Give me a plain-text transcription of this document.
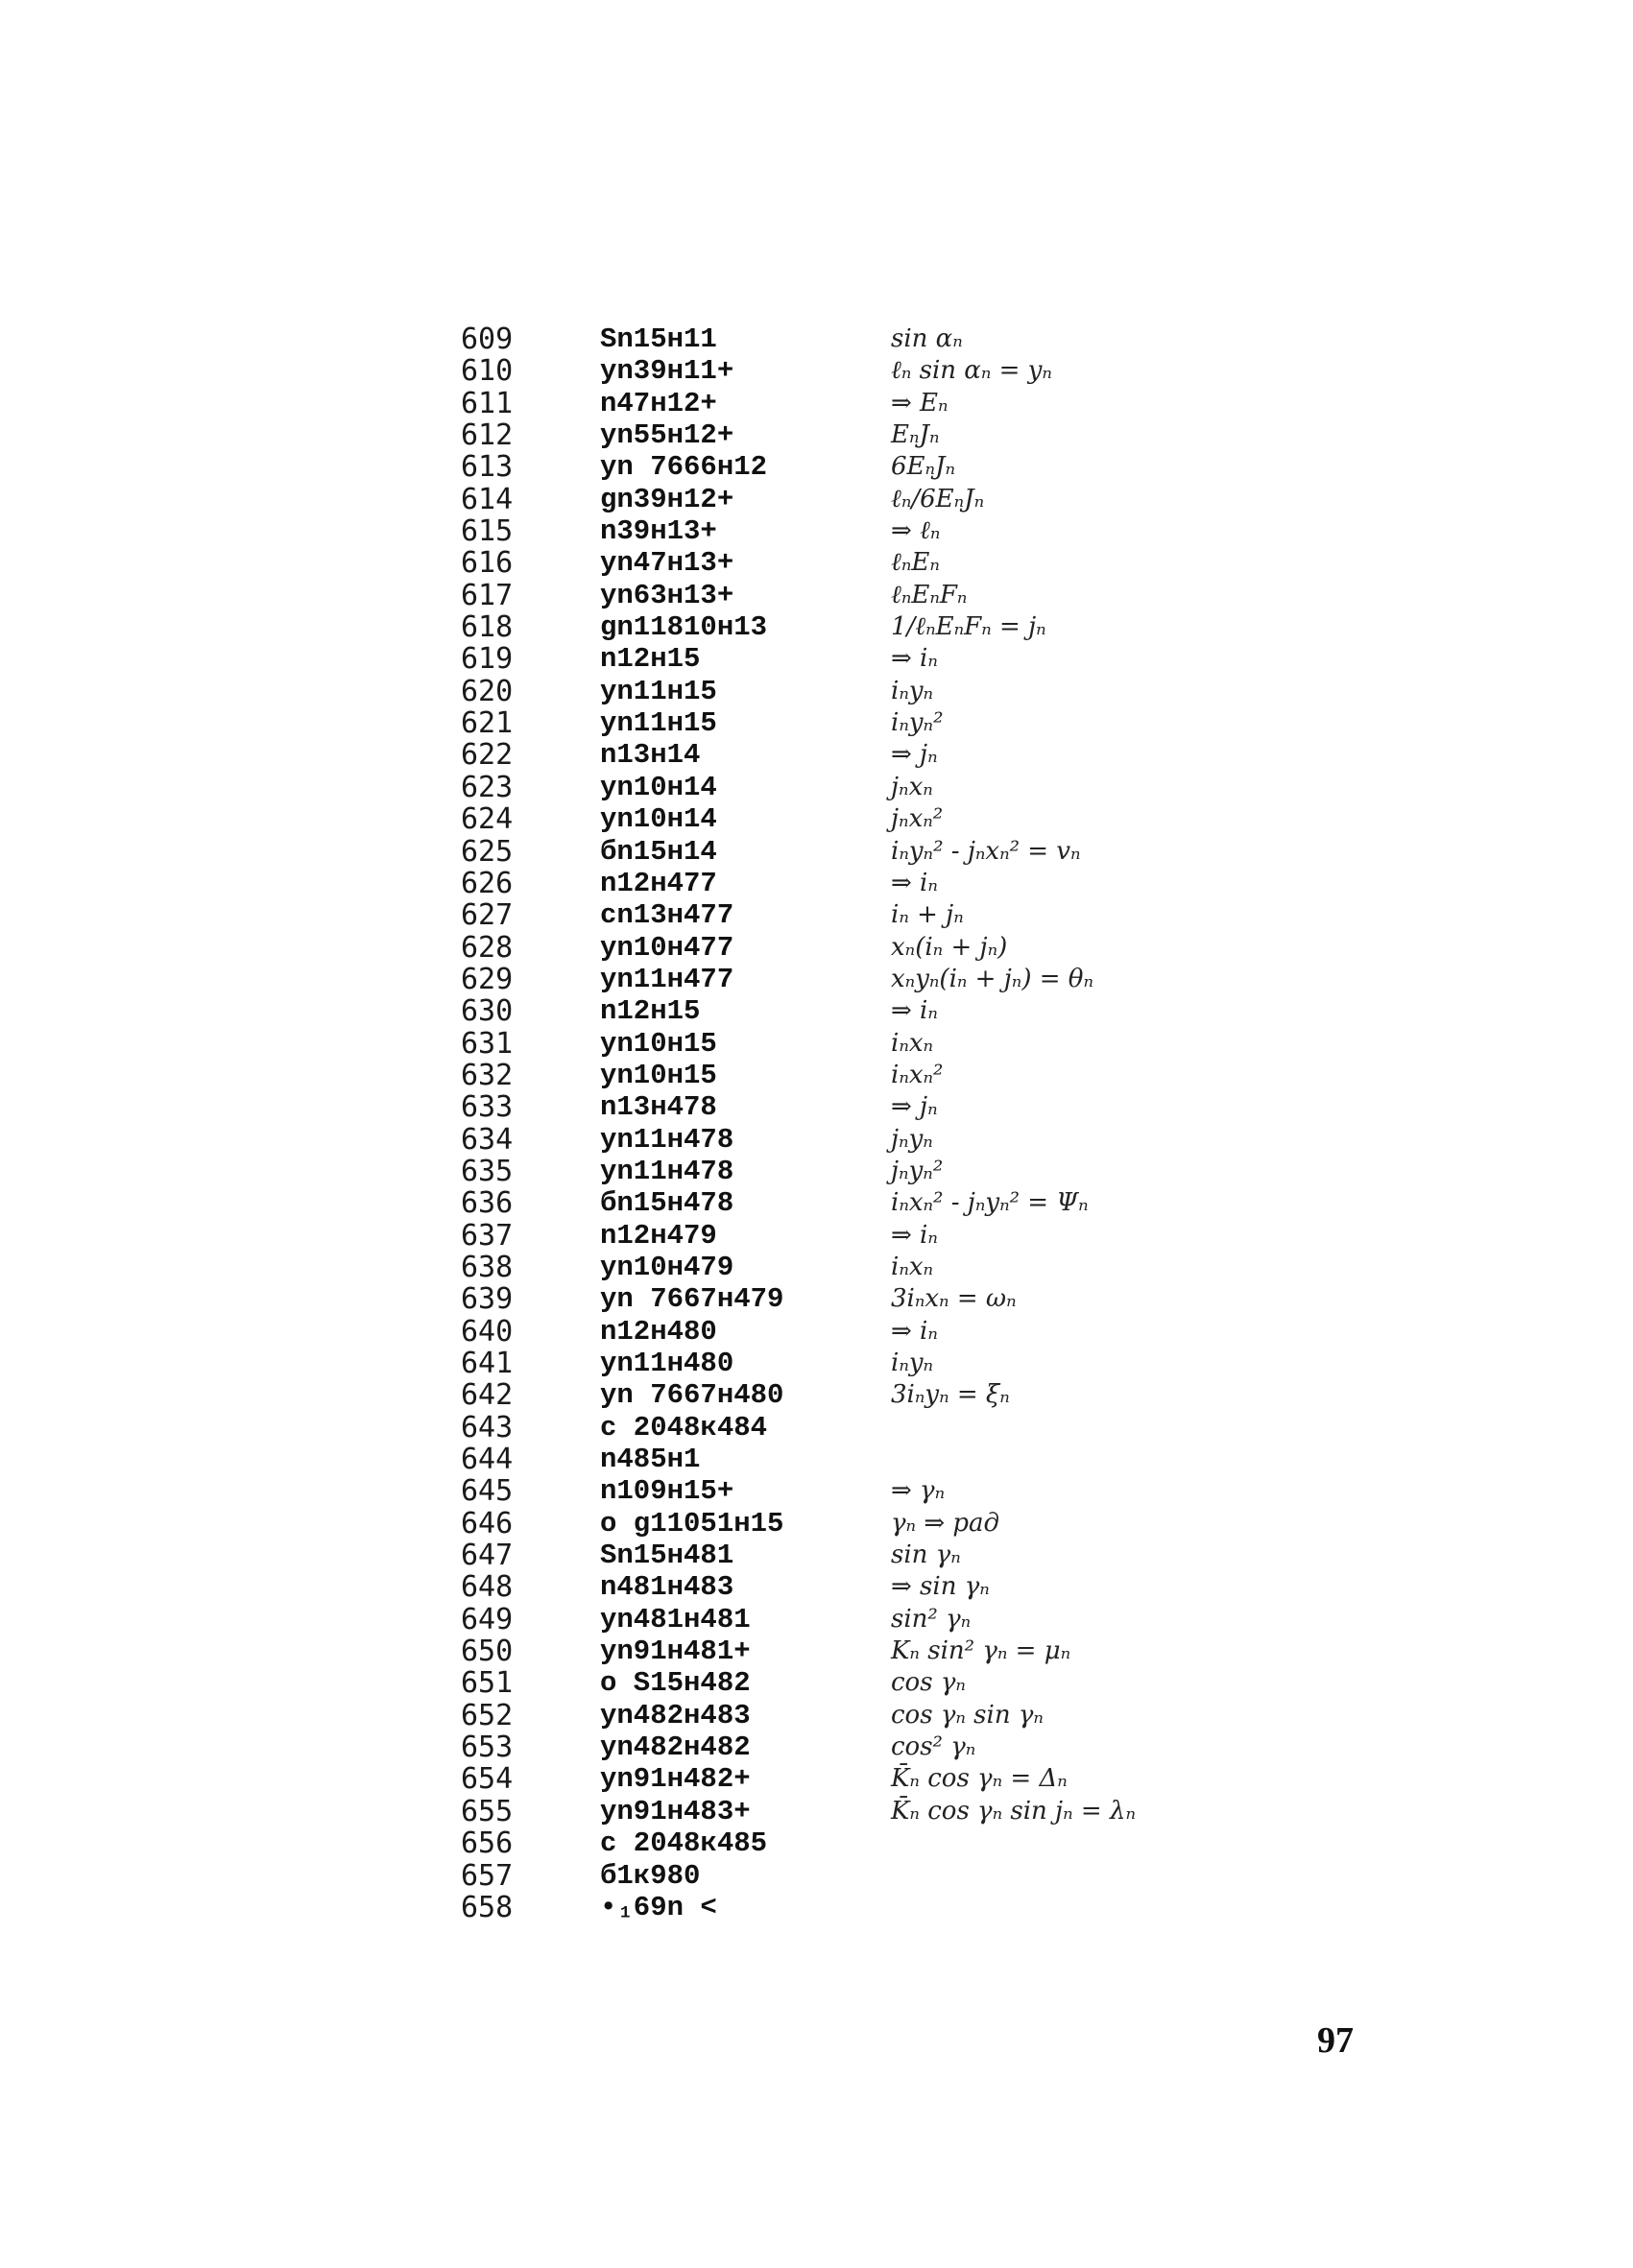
609	Sn15н11	sin αₙ
610	yn39н11+	ℓₙ sin αₙ = yₙ
611	n47н12+	⇒ Eₙ
612	yn55н12+	EₙJₙ
613	yn 7666н12	6EₙJₙ
614	gn39н12+	ℓₙ/6EₙJₙ
615	n39н13+	⇒ ℓₙ
616	yn47н13+	ℓₙEₙ
617	yn63н13+	ℓₙEₙFₙ
618	gn11810н13	1/ℓₙEₙFₙ = jₙ
619	n12н15	⇒ iₙ
620	yn11н15	iₙyₙ
621	yn11н15	iₙyₙ²
622	n13н14	⇒ jₙ
623	yn10н14	jₙxₙ
624	yn10н14	jₙxₙ²
625	бn15н14	iₙyₙ² - jₙxₙ² = vₙ
626	n12н477	⇒ iₙ
627	cn13н477	iₙ + jₙ
628	yn10н477	xₙ(iₙ + jₙ)
629	yn11н477	xₙyₙ(iₙ + jₙ) = θₙ
630	n12н15	⇒ iₙ
631	yn10н15	iₙxₙ
632	yn10н15	iₙxₙ²
633	n13н478	⇒ jₙ
634	yn11н478	jₙyₙ
635	yn11н478	jₙyₙ²
636	бn15н478	iₙxₙ² - jₙyₙ² = Ψₙ
637	n12н479	⇒ iₙ
638	yn10н479	iₙxₙ
639	yn 7667н479	3iₙxₙ = ωₙ
640	n12н480	⇒ iₙ
641	yn11н480	iₙyₙ
642	yn 7667н480	3iₙyₙ = ξₙ
643	c 2048к484
644	n485н1
645	n109н15+	⇒ γₙ
646	o g11051н15	γₙ ⇒ рад
647	Sn15н481	sin γₙ
648	n481н483	⇒ sin γₙ
649	yn481н481	sin² γₙ
650	yn91н481+	Kₙ sin² γₙ = μₙ
651	o S15н482	cos γₙ
652	yn482н483	cos γₙ sin γₙ
653	yn482н482	cos² γₙ
654	yn91н482+	K̄ₙ cos γₙ = Δₙ
655	yn91н483+	K̄ₙ cos γₙ sin jₙ = λₙ
656	c 2048к485
657	б1к980
658	•₁69n <
97
